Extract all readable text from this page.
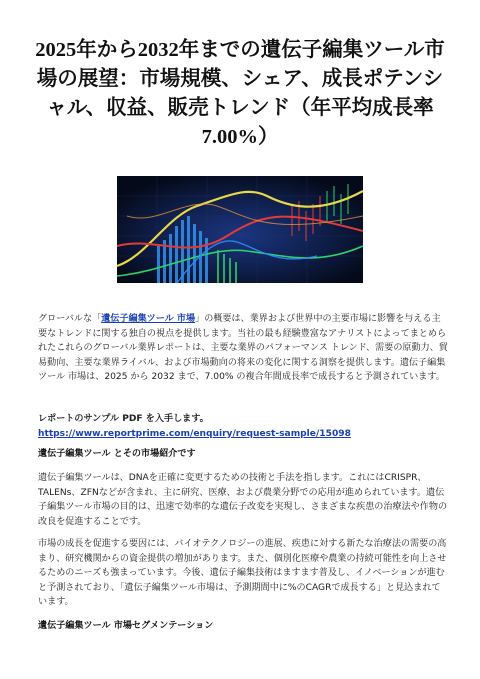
2025年から2032年までの遺伝子編集ツール市場の展望：市場規模、シェア、成長ポテンシャル、収益、販売トレンド（年平均成長率 7.00%）
グローバルな「遺伝子編集ツール 市場」の概要は、業界および世界中の主要市場に影響を与える主要なトレンドに関する独自の視点を提供します。当社の最も経験豊富なアナリストによってまとめられたこれらのグローバル業界レポートは、主要な業界のパフォーマンス トレンド、需要の原動力、貿易動向、主要な業界ライバル、および市場動向の将来の変化に関する洞察を提供します。遺伝子編集ツール 市場は、2025 から 2032 まで、7.00% の複合年間成長率で成長すると予測されています。
レポートのサンプル PDF を入手します。 https://www.reportprime.com/enquiry/request-sample/15098
遺伝子編集ツール とその市場紹介です
遺伝子編集ツールは、DNAを正確に変更するための技術と手法を指します。これにはCRISPR、TALENs、ZFNなどが含まれ、主に研究、医療、および農業分野での応用が進められています。遺伝子編集ツール市場の目的は、迅速で効率的な遺伝子改変を実現し、さまざまな疾患の治療法や作物の改良を促進することです。
市場の成長を促進する要因には、バイオテクノロジーの進展、疾患に対する新たな治療法の需要の高まり、研究機関からの資金提供の増加があります。また、個別化医療や農業の持続可能性を向上させるためのニーズも強まっています。今後、遺伝子編集技術はますます普及し、イノベーションが進むと予測されており、「遺伝子編集ツール市場は、予測期間中に%のCAGRで成長する」と見込まれています。
遺伝子編集ツール 市場セグメンテーション
